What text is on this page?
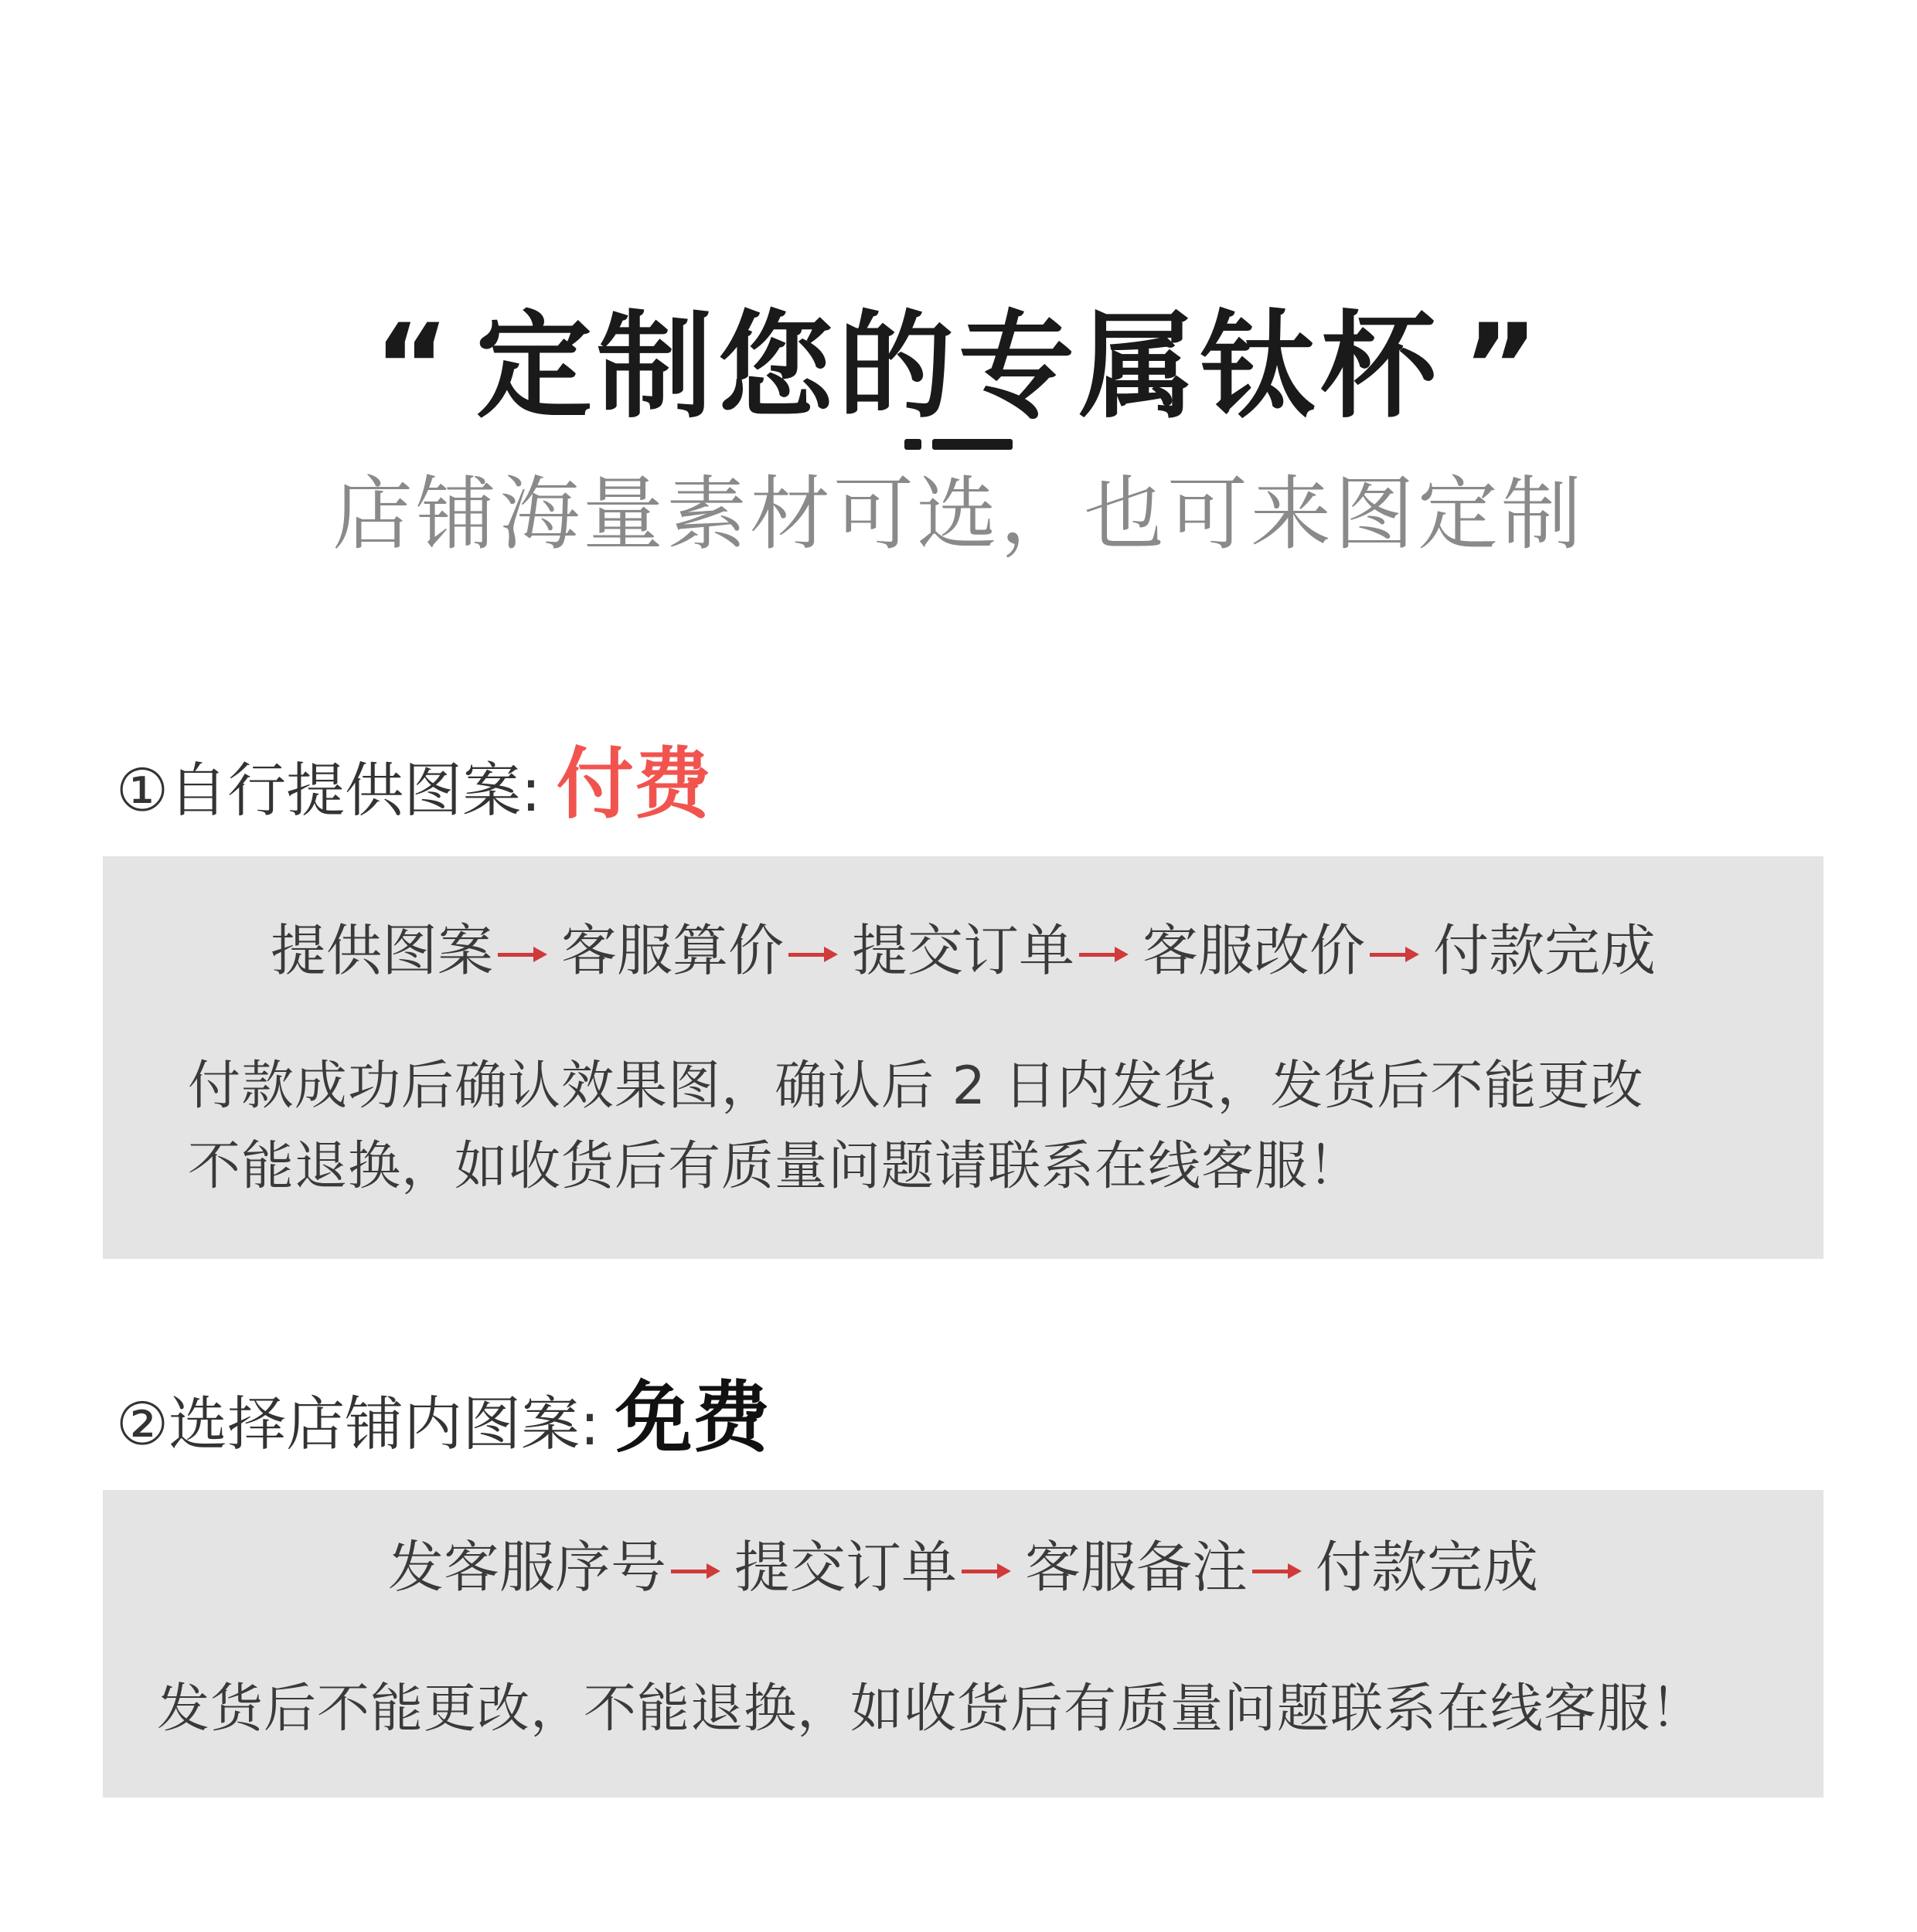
“ 定制您的专属钛杯 ”
店铺海量素材可选，也可来图定制
①自行提供图案: 付费
提供图案 客服算价 提交订单 客服改价 付款完成
付款成功后确认效果图，确认后 2 日内发货，发货后不能更改
不能退换，如收货后有质量问题请联系在线客服！
②选择店铺内图案: 免费
发客服序号 提交订单 客服备注 付款完成
发货后不能更改，不能退换，如收货后有质量问题联系在线客服！
